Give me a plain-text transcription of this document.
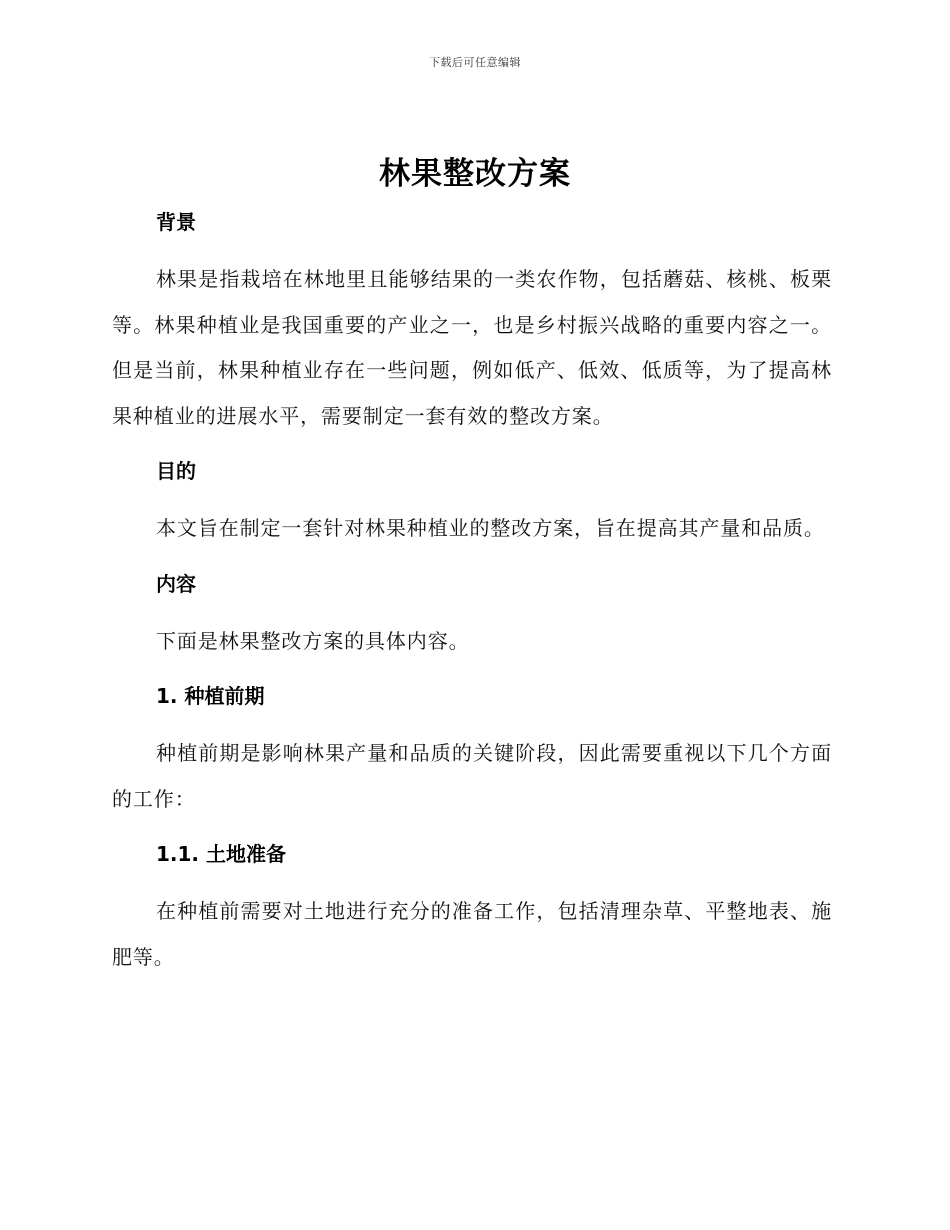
下载后可任意编辑
林果整改方案
背景

林果是指栽培在林地里且能够结果的一类农作物，包括蘑菇、核桃、板栗等。林果种植业是我国重要的产业之一，也是乡村振兴战略的重要内容之一。但是当前，林果种植业存在一些问题，例如低产、低效、低质等，为了提高林果种植业的进展水平，需要制定一套有效的整改方案。

目的

本文旨在制定一套针对林果种植业的整改方案，旨在提高其产量和品质。

内容

下面是林果整改方案的具体内容。

1. 种植前期

种植前期是影响林果产量和品质的关键阶段，因此需要重视以下几个方面的工作：

1.1. 土地准备

在种植前需要对土地进行充分的准备工作，包括清理杂草、平整地表、施肥等。
